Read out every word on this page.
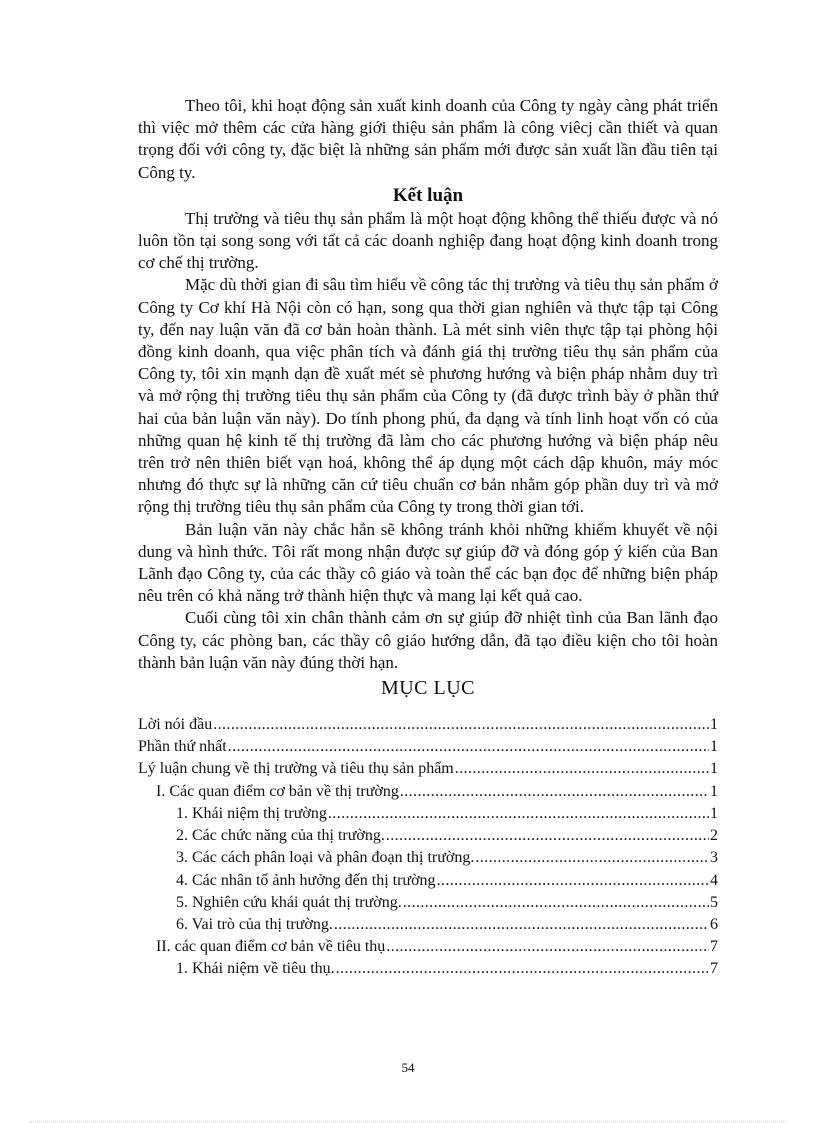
Theo tôi, khi hoạt động sản xuất kinh doanh của Công ty ngày càng phát triển thì việc mở thêm các cửa hàng giới thiệu sản phẩm là công viêcj cần thiết và quan trọng đối với công ty, đặc biệt là những sản phẩm mới được sản xuất lần đầu tiên tại Công ty.

Kết luận

Thị trường và tiêu thụ sản phẩm là một hoạt động không thể thiếu được và nó luôn tồn tại song song với tất cả các doanh nghiệp đang hoạt động kinh doanh trong cơ chế thị trường.

Mặc dù thời gian đi sâu tìm hiểu về công tác thị trường và tiêu thụ sản phẩm ở Công ty Cơ khí Hà Nội còn có hạn, song qua thời gian nghiên và thực tập tại Công ty, đến nay luận văn đã cơ bản hoàn thành. Là mét sinh viên thực tập tại phòng hội đồng kinh doanh, qua việc phân tích và đánh giá thị trường tiêu thụ sản phẩm của Công ty, tôi xin mạnh dạn đề xuất mét sè phương hướng và biện pháp nhằm duy trì và mở rộng thị trường tiêu thụ sản phẩm của Công ty (đã được trình bày ở phần thứ hai của bản luận văn này). Do tính phong phú, đa dạng và tính linh hoạt vốn có của những quan hệ kinh tế thị trường đã làm cho các phương hướng và biện pháp nêu trên trở nên thiên biết vạn hoá, không thể áp dụng một cách dập khuôn, máy móc nhưng đó thực sự là những căn cứ tiêu chuẩn cơ bản nhằm góp phần duy trì và mở rộng thị trường tiêu thụ sản phẩm của Công ty trong thời gian tới.

Bản luận văn này chắc hẳn sẽ không tránh khỏi những khiếm khuyết về nội dung và hình thức. Tôi rất mong nhận được sự giúp đỡ và đóng góp ý kiến của Ban Lãnh đạo Công ty, của các thầy cô giáo và toàn thể các bạn đọc để những biện pháp nêu trên có khả năng trở thành hiện thực và mang lại kết quả cao.

Cuối cùng tôi xin chân thành cảm ơn sự giúp đỡ nhiệt tình của Ban lãnh đạo Công ty, các phòng ban, các thầy cô giáo hướng dẫn, đã tạo điều kiện cho tôi hoàn thành bản luận văn này đúng thời hạn.

MỤC LỤC
Lời nói đầu .....	1
Phần thứ nhất .....	1
Lý luận chung về thị trường và tiêu thụ sản phẩm .....	1
I. Các quan điểm cơ bản về thị trường .....	1
1. Khái niệm thị trường .....	1
2. Các chức năng của thị trường. .....	2
3. Các cách phân loại và phân đoạn thị trường. .....	3
4. Các nhân tố ảnh hưởng đến thị trường .....	4
5. Nghiên cứu khái quát thị trường. .....	5
6. Vai trò của thị trường. .....	6
II. các quan điểm cơ bản về tiêu thụ .....	7
1. Khái niệm về tiêu thụ. .....	7
54
